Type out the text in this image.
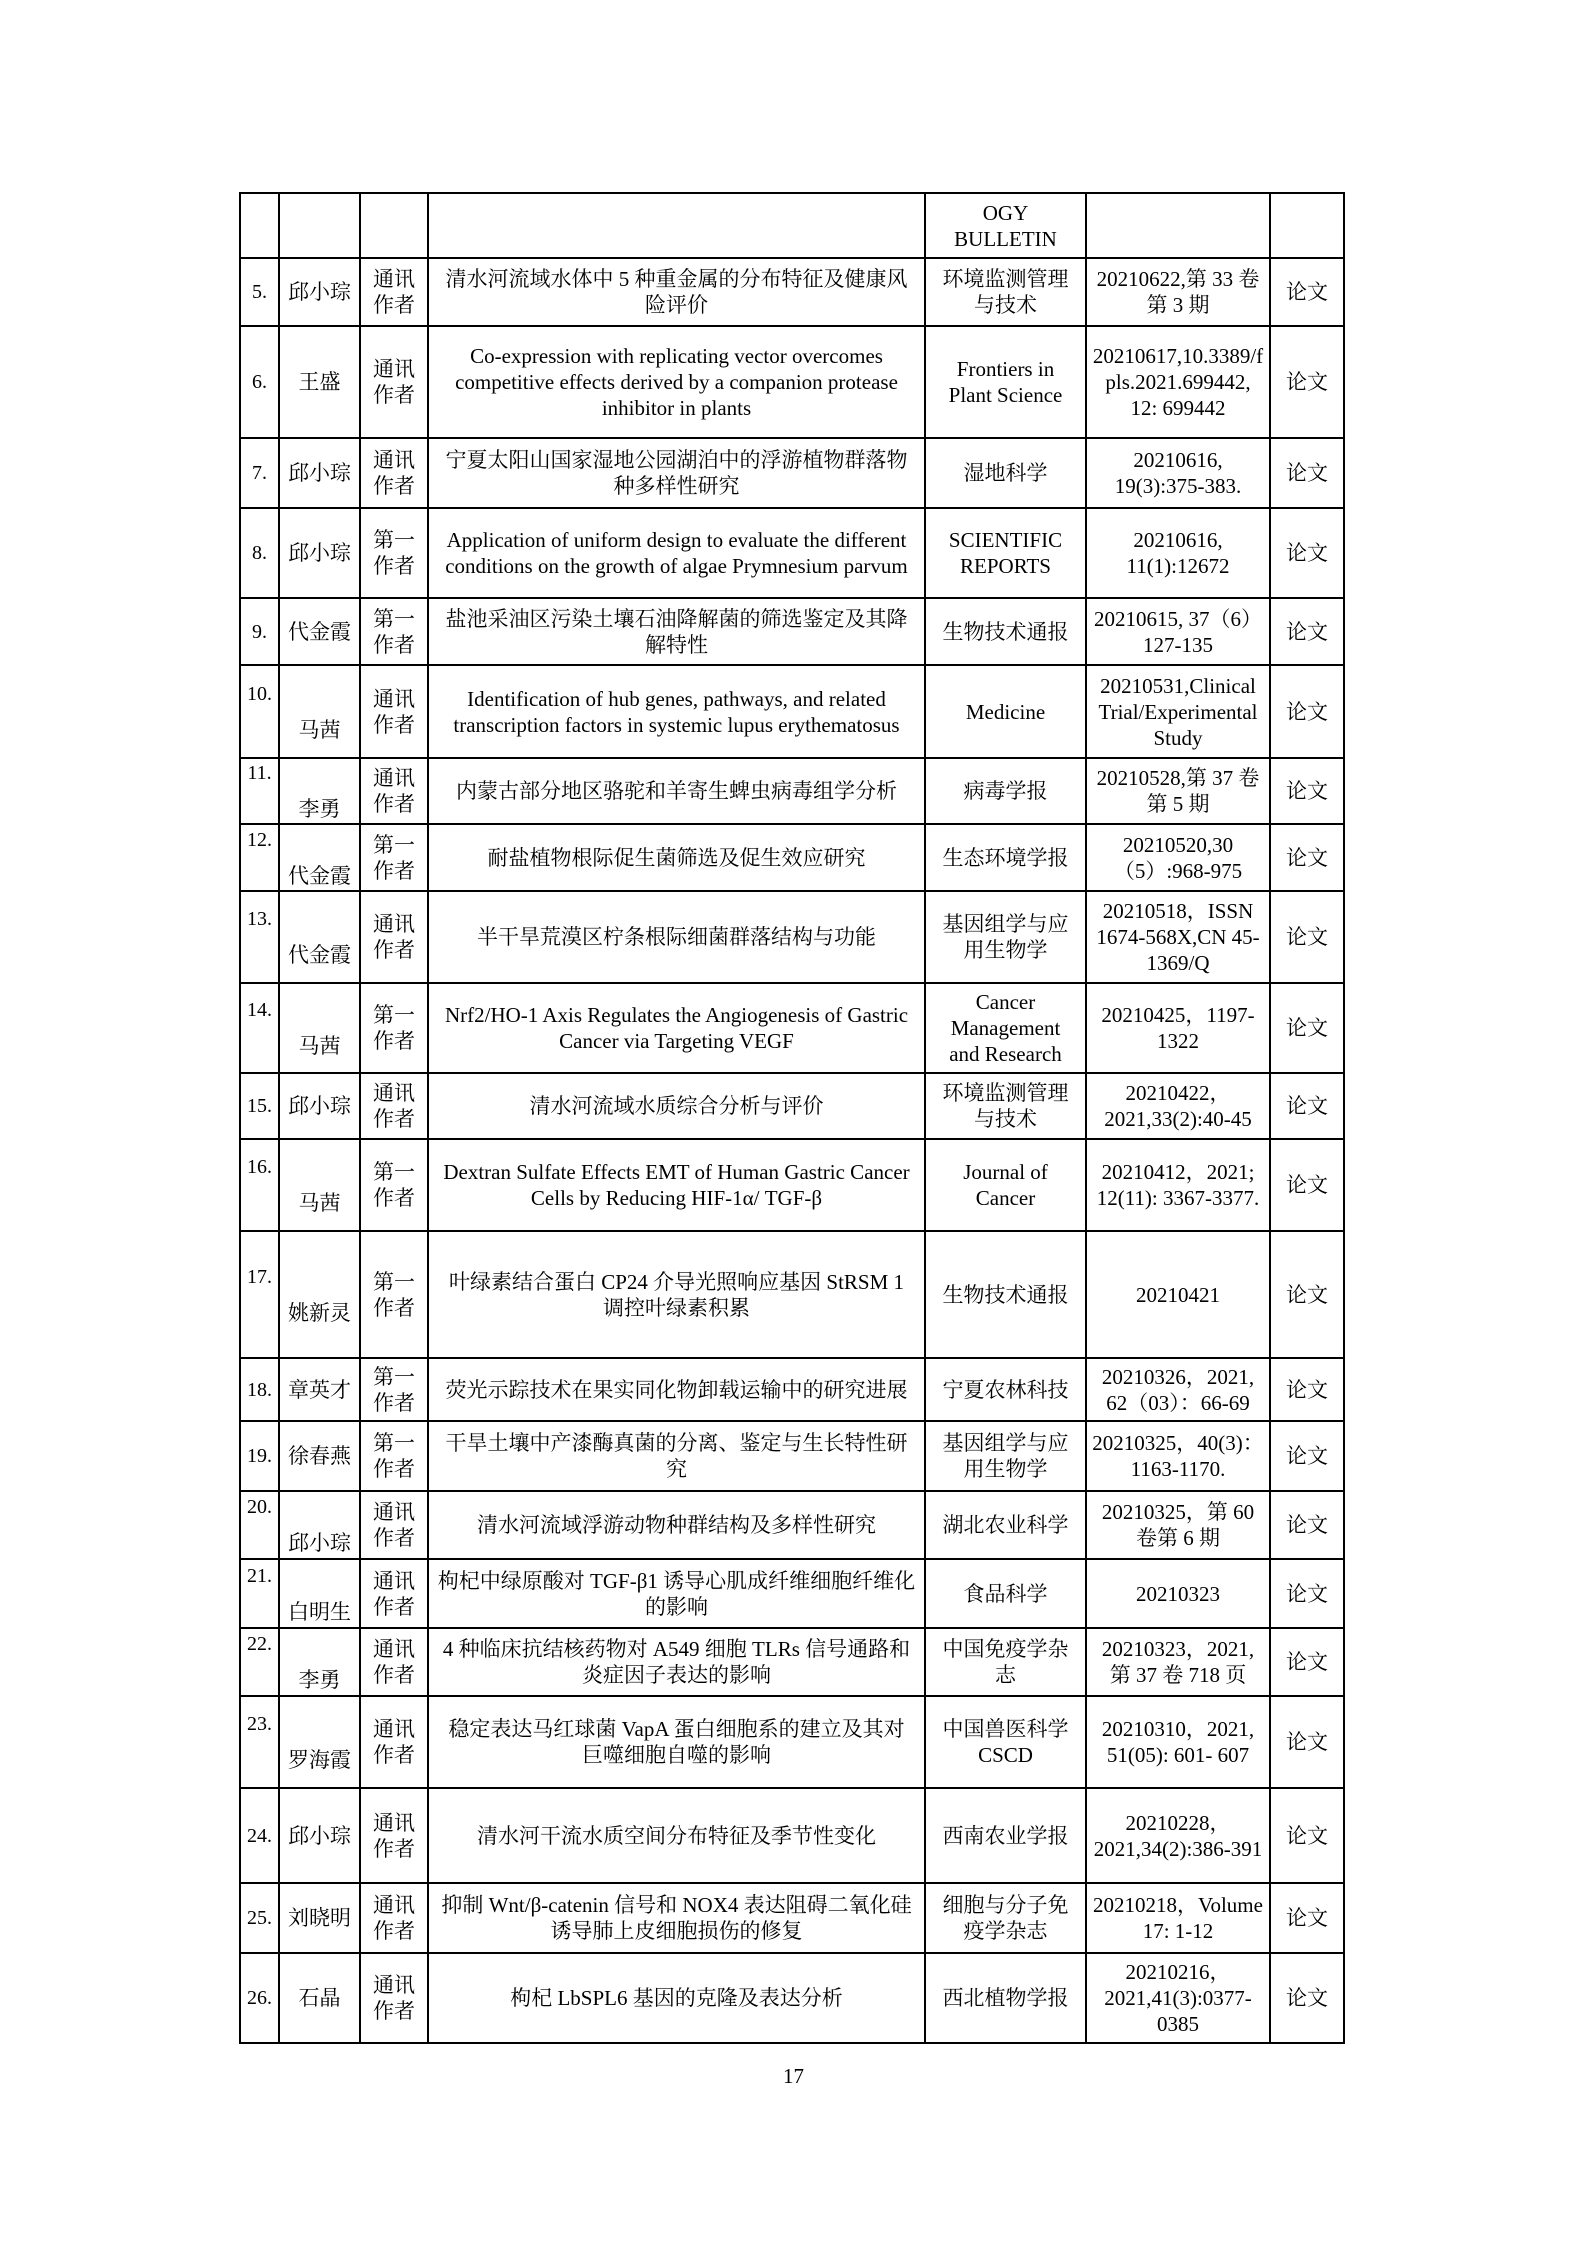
				OGY BULLETIN		
5.	邱小琮	通讯作者	清水河流域水体中 5 种重金属的分布特征及健康风险评价	环境监测管理与技术	20210622,第 33 卷第 3 期	论文
6.	王盛	通讯作者	Co-expression with replicating vector overcomes competitive effects derived by a companion protease inhibitor in plants	Frontiers in Plant Science	20210617,10.3389/fpls.2021.699442, 12: 699442	论文
7.	邱小琮	通讯作者	宁夏太阳山国家湿地公园湖泊中的浮游植物群落物种多样性研究	湿地科学	20210616, 19(3):375-383.	论文
8.	邱小琮	第一作者	Application of uniform design to evaluate the different conditions on the growth of algae Prymnesium parvum	SCIENTIFIC REPORTS	20210616, 11(1):12672	论文
9.	代金霞	第一作者	盐池采油区污染土壤石油降解菌的筛选鉴定及其降解特性	生物技术通报	20210615, 37（6）127-135	论文
10.	马茜	通讯作者	Identification of hub genes, pathways, and related transcription factors in systemic lupus erythematosus	Medicine	20210531,Clinical Trial/Experimental Study	论文
11.	李勇	通讯作者	内蒙古部分地区骆驼和羊寄生蜱虫病毒组学分析	病毒学报	20210528,第 37 卷第 5 期	论文
12.	代金霞	第一作者	耐盐植物根际促生菌筛选及促生效应研究	生态环境学报	20210520,30（5）:968-975	论文
13.	代金霞	通讯作者	半干旱荒漠区柠条根际细菌群落结构与功能	基因组学与应用生物学	20210518，ISSN 1674-568X,CN 45-1369/Q	论文
14.	马茜	第一作者	Nrf2/HO-1 Axis Regulates the Angiogenesis of Gastric Cancer via Targeting VEGF	Cancer Management and Research	20210425，1197-1322	论文
15.	邱小琮	通讯作者	清水河流域水质综合分析与评价	环境监测管理与技术	20210422，2021,33(2):40-45	论文
16.	马茜	第一作者	Dextran Sulfate Effects EMT of Human Gastric Cancer Cells by Reducing HIF-1α/ TGF-β	Journal of Cancer	20210412，2021; 12(11): 3367-3377.	论文
17.	姚新灵	第一作者	叶绿素结合蛋白 CP24 介导光照响应基因 StRSM 1 调控叶绿素积累	生物技术通报	20210421	论文
18.	章英才	第一作者	荧光示踪技术在果实同化物卸载运输中的研究进展	宁夏农林科技	20210326，2021, 62（03）：66-69	论文
19.	徐春燕	第一作者	干旱土壤中产漆酶真菌的分离、鉴定与生长特性研究	基因组学与应用生物学	20210325，40(3)：1163-1170.	论文
20.	邱小琮	通讯作者	清水河流域浮游动物种群结构及多样性研究	湖北农业科学	20210325，第 60 卷第 6 期	论文
21.	白明生	通讯作者	枸杞中绿原酸对 TGF-β1 诱导心肌成纤维细胞纤维化的影响	食品科学	20210323	论文
22.	李勇	通讯作者	4 种临床抗结核药物对 A549 细胞 TLRs 信号通路和炎症因子表达的影响	中国免疫学杂志	20210323，2021, 第 37 卷 718 页	论文
23.	罗海霞	通讯作者	稳定表达马红球菌 VapA 蛋白细胞系的建立及其对 巨噬细胞自噬的影响	中国兽医科学 CSCD	20210310，2021, 51(05): 601- 607	论文
24.	邱小琮	通讯作者	清水河干流水质空间分布特征及季节性变化	西南农业学报	20210228，2021,34(2):386-391	论文
25.	刘晓明	通讯作者	抑制 Wnt/β-catenin 信号和 NOX4 表达阻碍二氧化硅诱导肺上皮细胞损伤的修复	细胞与分子免疫学杂志	20210218，Volume 17: 1-12	论文
26.	石晶	通讯作者	枸杞 LbSPL6 基因的克隆及表达分析	西北植物学报	20210216，2021,41(3):0377-0385	论文
17
